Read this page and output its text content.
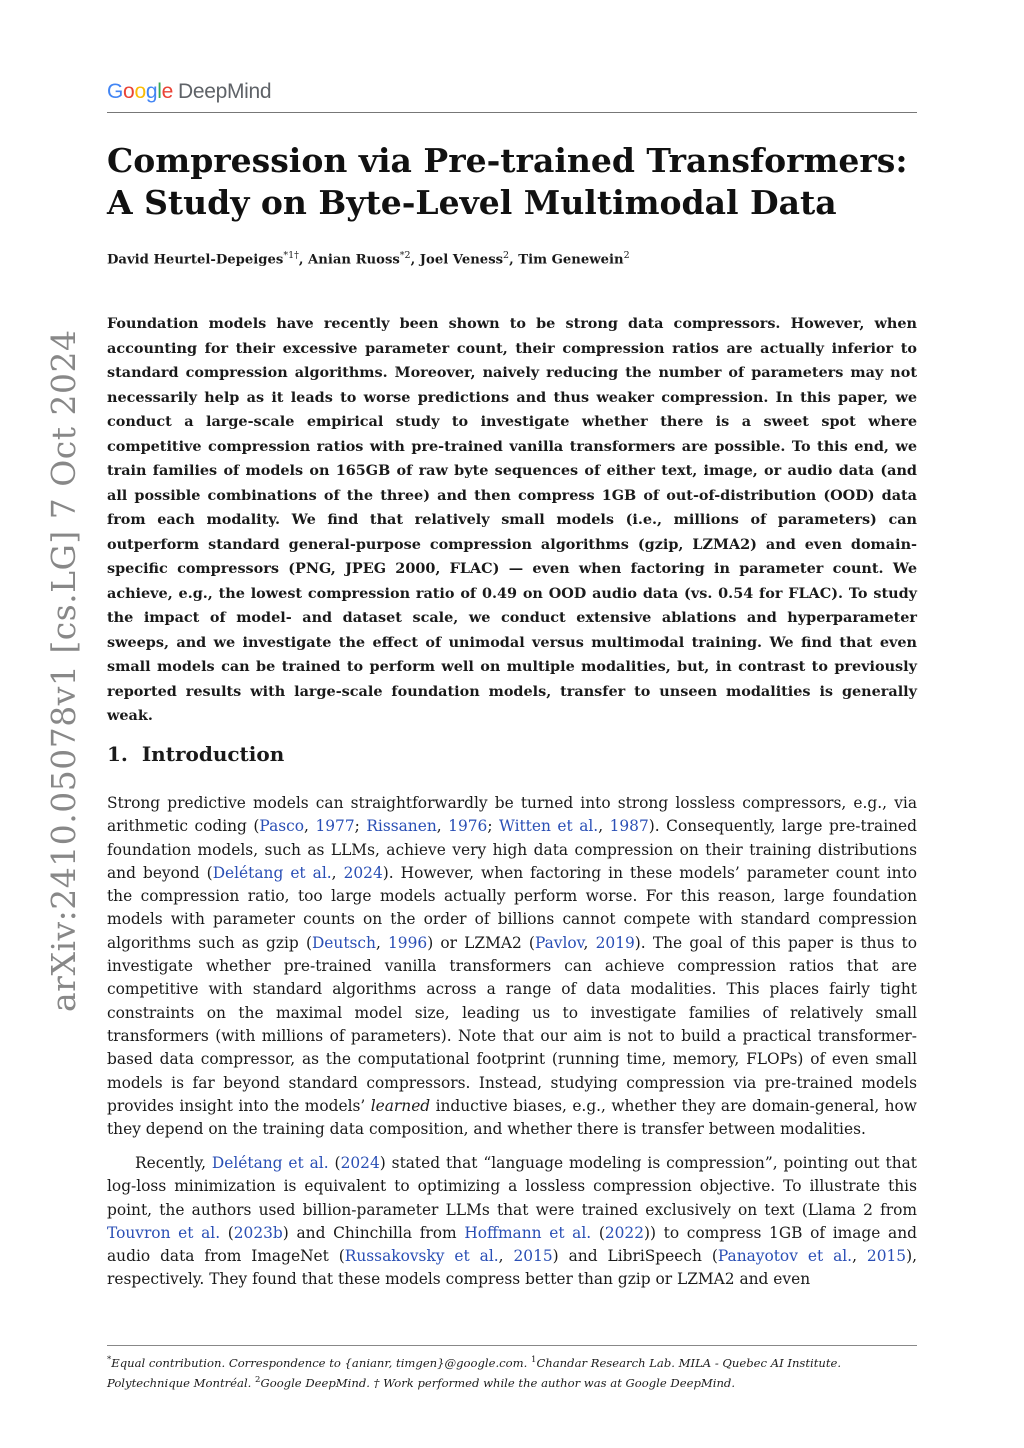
Google DeepMind
Compression via Pre-trained Transformers: A Study on Byte-Level Multimodal Data
David Heurtel-Depeiges$^{*1\dagger}$, Anian Ruoss$^{*2}$, Joel Veness$^2$, Tim Genewein$^2$

Foundation models have recently been shown to be strong data compressors. However, when accounting for their excessive parameter count, their compression ratios are actually inferior to standard compression algorithms. Moreover, naively reducing the number of parameters may not necessarily help as it leads to worse predictions and thus weaker compression. In this paper, we conduct a large-scale empirical study to investigate whether there is a sweet spot where competitive compression ratios with pre-trained vanilla transformers are possible. To this end, we train families of models on 165GB of raw byte sequences of either text, image, or audio data (and all possible combinations of the three) and then compress 1GB of out-of-distribution (OOD) data from each modality. We find that relatively small models (i.e., millions of parameters) can outperform standard general-purpose compression algorithms (gzip, LZMA2) and even domain-specific compressors (PNG, JPEG 2000, FLAC) — even when factoring in parameter count. We achieve, e.g., the lowest compression ratio of 0.49 on OOD audio data (vs. 0.54 for FLAC). To study the impact of model- and dataset scale, we conduct extensive ablations and hyperparameter sweeps, and we investigate the effect of unimodal versus multimodal training. We find that even small models can be trained to perform well on multiple modalities, but, in contrast to previously reported results with large-scale foundation models, transfer to unseen modalities is generally weak.

1. Introduction

Strong predictive models can straightforwardly be turned into strong lossless compressors, e.g., via arithmetic coding (Pasco, 1977; Rissanen, 1976; Witten et al., 1987). Consequently, large pre-trained foundation models, such as LLMs, achieve very high data compression on their training distributions and beyond (Delétang et al., 2024). However, when factoring in these models’ parameter count into the compression ratio, too large models actually perform worse. For this reason, large foundation models with parameter counts on the order of billions cannot compete with standard compression algorithms such as gzip (Deutsch, 1996) or LZMA2 (Pavlov, 2019). The goal of this paper is thus to investigate whether pre-trained vanilla transformers can achieve compression ratios that are competitive with standard algorithms across a range of data modalities. This places fairly tight constraints on the maximal model size, leading us to investigate families of relatively small transformers (with millions of parameters). Note that our aim is not to build a practical transformer-based data compressor, as the computational footprint (running time, memory, FLOPs) of even small models is far beyond standard compressors. Instead, studying compression via pre-trained models provides insight into the models’ learned inductive biases, e.g., whether they are domain-general, how they depend on the training data composition, and whether there is transfer between modalities.

Recently, Delétang et al. (2024) stated that “language modeling is compression”, pointing out that log-loss minimization is equivalent to optimizing a lossless compression objective. To illustrate this point, the authors used billion-parameter LLMs that were trained exclusively on text (Llama 2 from Touvron et al. (2023b) and Chinchilla from Hoffmann et al. (2022)) to compress 1GB of image and audio data from ImageNet (Russakovsky et al., 2015) and LibriSpeech (Panayotov et al., 2015), respectively. They found that these models compress better than gzip or LZMA2 and even

*Equal contribution. Correspondence to {anianr, timgen}@google.com. $^1$Chandar Research Lab. MILA - Quebec AI Institute. Polytechnique Montréal. $^2$Google DeepMind. † Work performed while the author was at Google DeepMind.

arXiv:2410.05078v1 [cs.LG] 7 Oct 2024
